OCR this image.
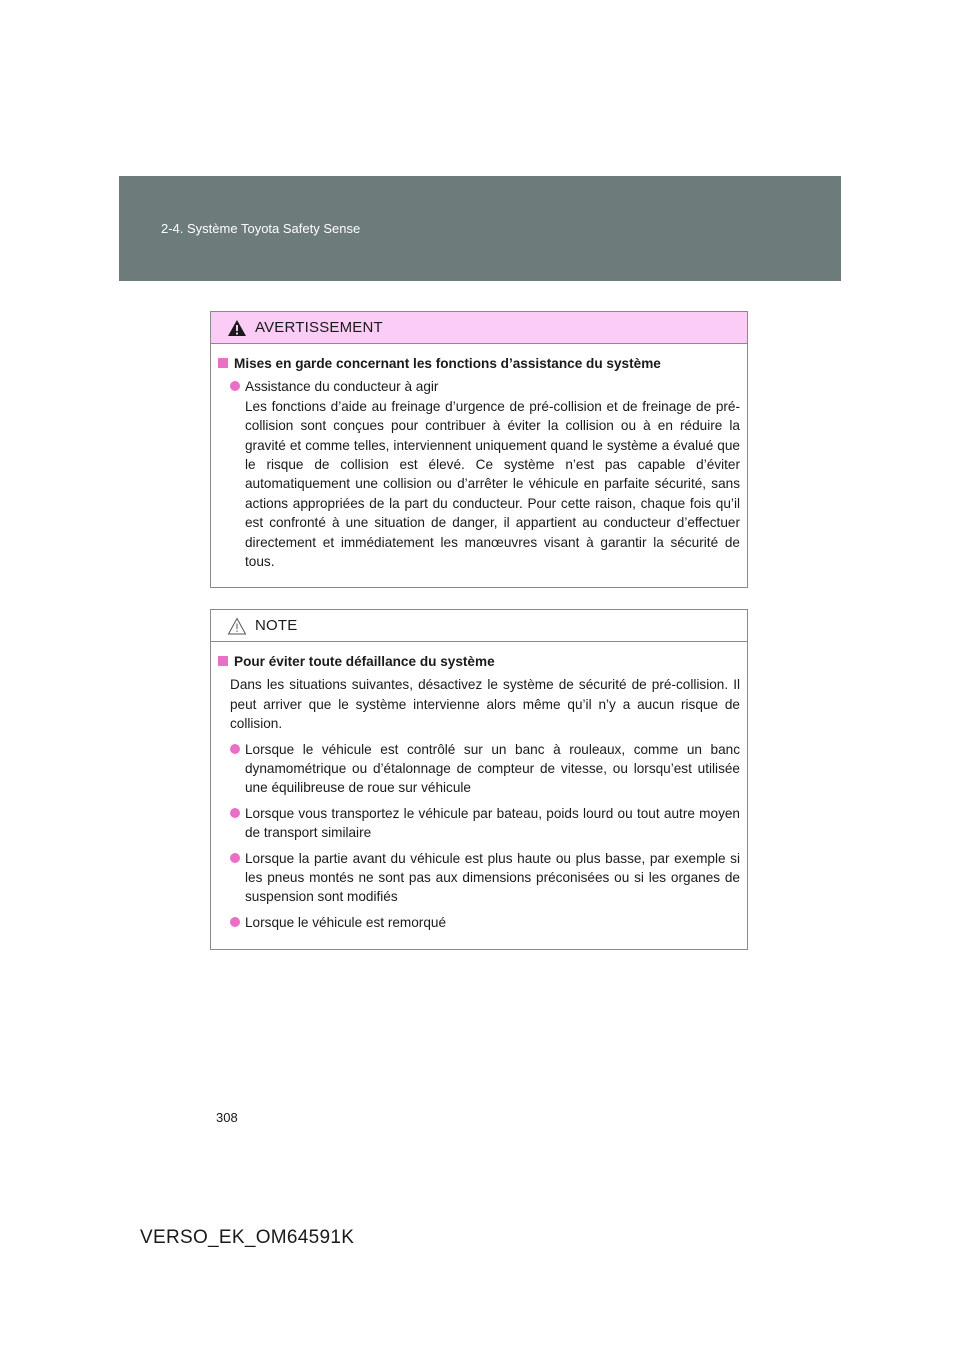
2-4. Système Toyota Safety Sense
AVERTISSEMENT
Mises en garde concernant les fonctions d’assistance du système
Assistance du conducteur à agir
Les fonctions d’aide au freinage d’urgence de pré-collision et de freinage de pré-collision sont conçues pour contribuer à éviter la collision ou à en réduire la gravité et comme telles, interviennent uniquement quand le système a évalué que le risque de collision est élevé. Ce système n’est pas capable d’éviter automatiquement une collision ou d’arrêter le véhicule en parfaite sécurité, sans actions appropriées de la part du conducteur. Pour cette raison, chaque fois qu’il est confronté à une situation de danger, il appartient au conducteur d’effectuer directement et immédiatement les manœuvres visant à garantir la sécurité de tous.
NOTE
Pour éviter toute défaillance du système
Dans les situations suivantes, désactivez le système de sécurité de pré-collision. Il peut arriver que le système intervienne alors même qu’il n’y a aucun risque de collision.
Lorsque le véhicule est contrôlé sur un banc à rouleaux, comme un banc dynamométrique ou d’étalonnage de compteur de vitesse, ou lorsqu’est utilisée une équilibreuse de roue sur véhicule
Lorsque vous transportez le véhicule par bateau, poids lourd ou tout autre moyen de transport similaire
Lorsque la partie avant du véhicule est plus haute ou plus basse, par exemple si les pneus montés ne sont pas aux dimensions préconisées ou si les organes de suspension sont modifiés
Lorsque le véhicule est remorqué
308
VERSO_EK_OM64591K
